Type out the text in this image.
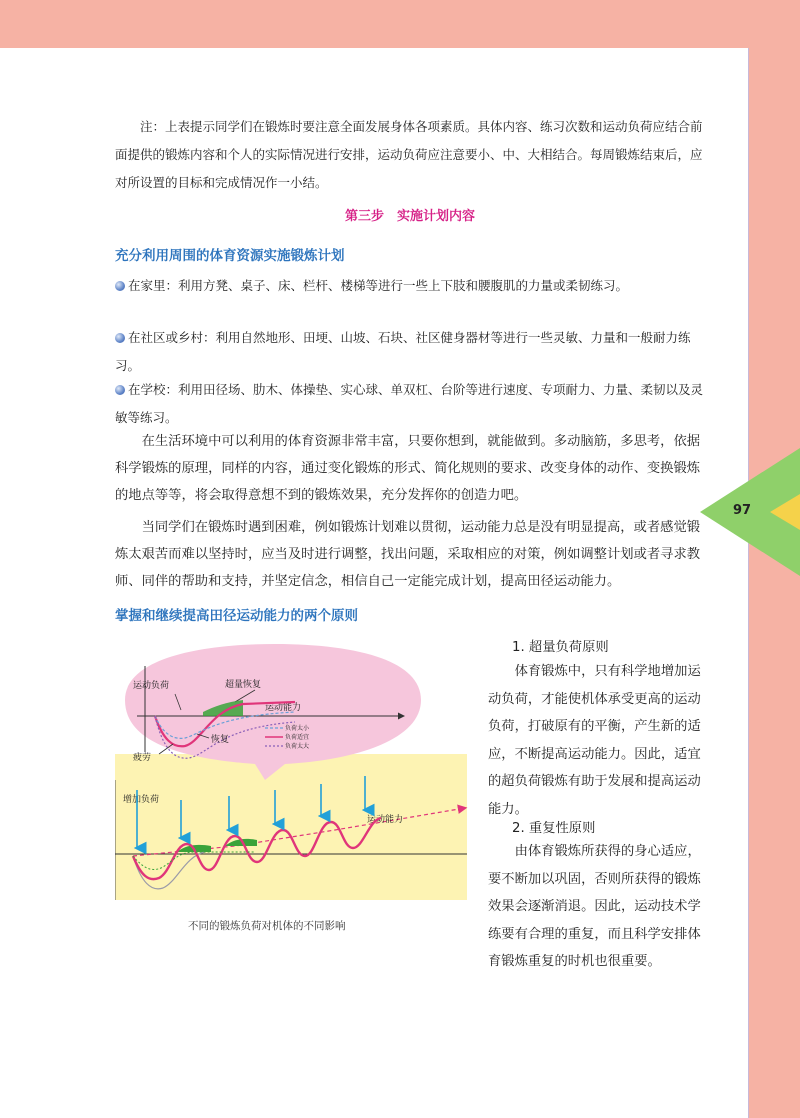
97

注：上表提示同学们在锻炼时要注意全面发展身体各项素质。具体内容、练习次数和运动负荷应结合前面提供的锻炼内容和个人的实际情况进行安排，运动负荷应注意要小、中、大相结合。每周锻炼结束后，应对所设置的目标和完成情况作一小结。

第三步　实施计划内容
充分利用周围的体育资源实施锻炼计划

在家里：利用方凳、桌子、床、栏杆、楼梯等进行一些上下肢和腰腹肌的力量或柔韧练习。

在社区或乡村：利用自然地形、田埂、山坡、石块、社区健身器材等进行一些灵敏、力量和一般耐力练习。

在学校：利用田径场、肋木、体操垫、实心球、单双杠、台阶等进行速度、专项耐力、力量、柔韧以及灵敏等练习。

在生活环境中可以利用的体育资源非常丰富，只要你想到，就能做到。多动脑筋，多思考，依据科学锻炼的原理，同样的内容，通过变化锻炼的形式、简化规则的要求、改变身体的动作、变换锻炼的地点等等，将会取得意想不到的锻炼效果，充分发挥你的创造力吧。

当同学们在锻炼时遇到困难，例如锻炼计划难以贯彻，运动能力总是没有明显提高，或者感觉锻炼太艰苦而难以坚持时，应当及时进行调整，找出问题，采取相应的对策，例如调整计划或者寻求教师、同伴的帮助和支持，并坚定信念，相信自己一定能完成计划，提高田径运动能力。

掌握和继续提高田径运动能力的两个原则
1. 超量负荷原则

体育锻炼中，只有科学地增加运动负荷，才能使机体承受更高的运动负荷，打破原有的平衡，产生新的适应，不断提高运动能力。因此，适宜的超负荷锻炼有助于发展和提高运动能力。

2. 重复性原则

由体育锻炼所获得的身心适应，要不断加以巩固，否则所获得的锻炼效果会逐渐消退。因此，运动技术学练要有合理的重复，而且科学安排体育锻炼重复的时机也很重要。

运动负荷	超量恢复
运动能力
疲劳
恢复
负荷太小
负荷适宜
负荷太大
增加负荷
运动能力
不同的锻炼负荷对机体的不同影响
